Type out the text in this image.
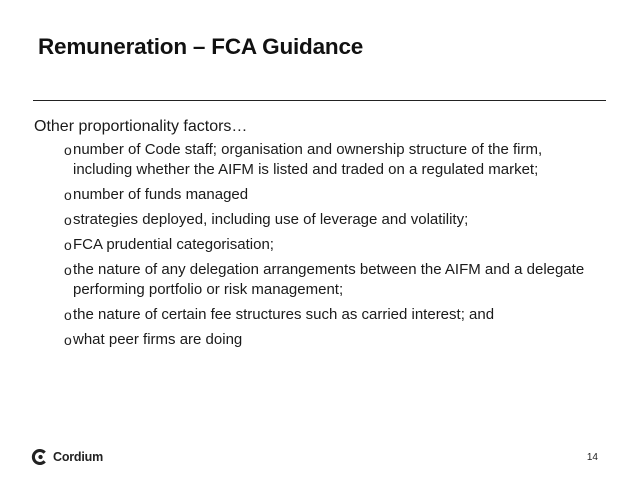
Remuneration – FCA Guidance

Other proportionality factors…

o number of Code staff; organisation and ownership structure of the firm, including whether the AIFM is listed and traded on a regulated market;
o number of funds managed
o strategies deployed, including use of leverage and volatility;
o FCA prudential categorisation;
o the nature of any delegation arrangements between the AIFM and a delegate performing portfolio or risk management;
o the nature of certain fee structures such as carried interest; and
o what peer firms are doing
Cordium	14
